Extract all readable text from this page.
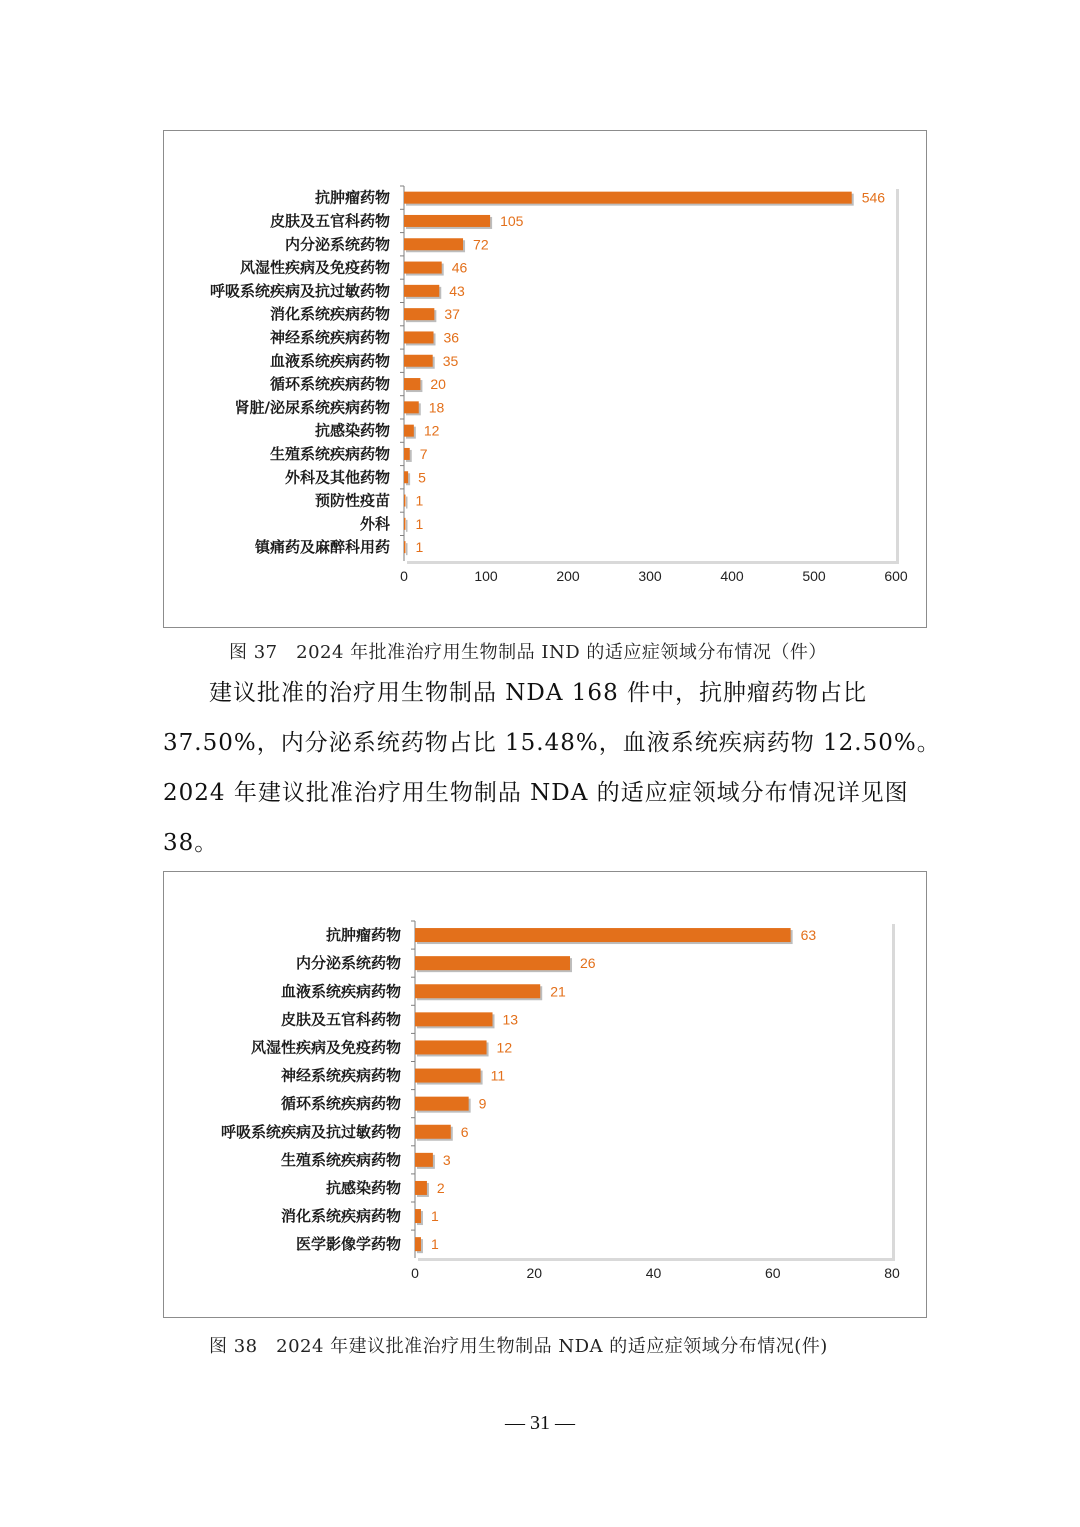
0	100	200	300	400	500	600
抗肿瘤药物	546
皮肤及五官科药物	105
内分泌系统药物	72
风湿性疾病及免疫药物	46
呼吸系统疾病及抗过敏药物	43
消化系统疾病药物	37
神经系统疾病药物	36
血液系统疾病药物	35
循环系统疾病药物	20
肾脏/泌尿系统疾病药物	18
抗感染药物 12
生殖系统疾病药物 7
外科及其他药物 5
预防性疫苗 1
外科 1
镇痛药及麻醉科用药 1
图 37　2024 年批准治疗用生物制品 IND 的适应症领域分布情况（件）
建议批准的治疗用生物制品 NDA 168 件中，抗肿瘤药物占比
37.50%，内分泌系统药物占比 15.48%，血液系统疾病药物 12.50%。
2024 年建议批准治疗用生物制品 NDA 的适应症领域分布情况详见图
38。
0	20	40	60	80
抗肿瘤药物	63
内分泌系统药物	26
血液系统疾病药物	21
皮肤及五官科药物	13
风湿性疾病及免疫药物	12
神经系统疾病药物	11
循环系统疾病药物	9
呼吸系统疾病及抗过敏药物	6
生殖系统疾病药物	3
抗感染药物	2
消化系统疾病药物 1
医学影像学药物 1
图 38　2024 年建议批准治疗用生物制品 NDA 的适应症领域分布情况(件)
— 31 —
